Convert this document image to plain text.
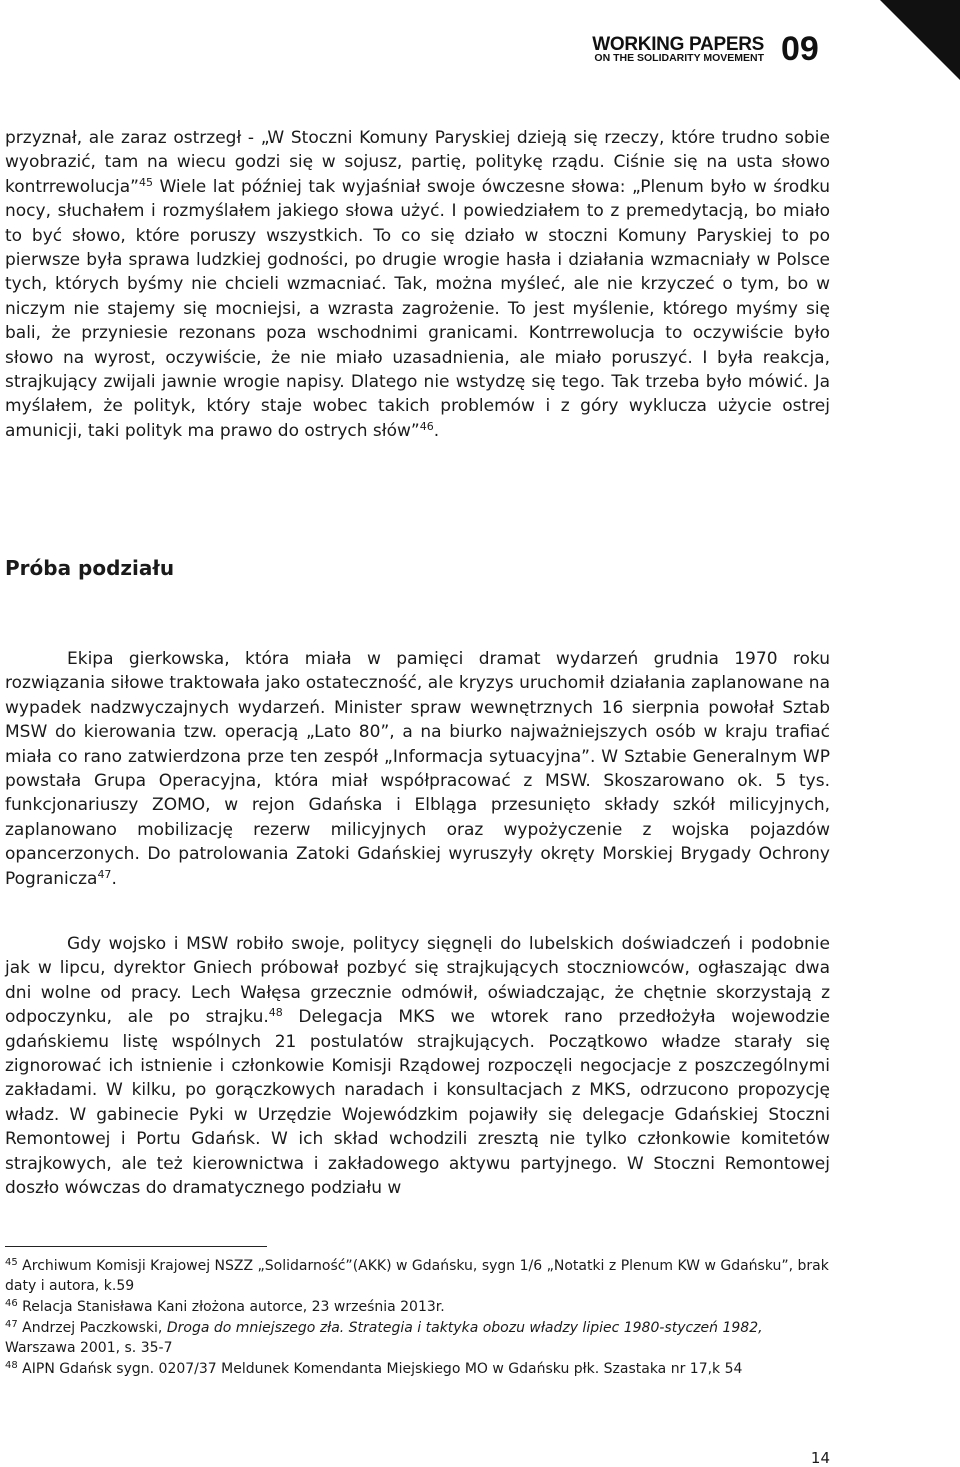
WORKING PAPERS
ON THE SOLIDARITY MOVEMENT 09

przyznał, ale zaraz ostrzegł - „W Stoczni Komuny Paryskiej dzieją się rzeczy, które trudno sobie wyobrazić, tam na wiecu godzi się w sojusz, partię, politykę rządu. Ciśnie się na usta słowo kontrrewolucja”$^{45}$ Wiele lat później tak wyjaśniał swoje ówczesne słowa: „Plenum było w środku nocy, słuchałem i rozmyślałem jakiego słowa użyć. I powiedziałem to z premedytacją, bo miało to być słowo, które poruszy wszystkich. To co się działo w stoczni Komuny Paryskiej to po pierwsze była sprawa ludzkiej godności, po drugie wrogie hasła i działania wzmacniały w Polsce tych, których byśmy nie chcieli wzmacniać. Tak, można myśleć, ale nie krzyczeć o tym, bo w niczym nie stajemy się mocniejsi, a wzrasta zagrożenie. To jest myślenie, którego myśmy się bali, że przyniesie rezonans poza wschodnimi granicami. Kontrrewolucja to oczywiście było słowo na wyrost, oczywiście, że nie miało uzasadnienia, ale miało poruszyć. I była reakcja, strajkujący zwijali jawnie wrogie napisy. Dlatego nie wstydzę się tego. Tak trzeba było mówić. Ja myślałem, że polityk, który staje wobec takich problemów i z góry wyklucza użycie ostrej amunicji, taki polityk ma prawo do ostrych słów”$^{46}$.

Próba podziału

Ekipa gierkowska, która miała w pamięci dramat wydarzeń grudnia 1970 roku rozwiązania siłowe traktowała jako ostateczność, ale kryzys uruchomił działania zaplanowane na wypadek nadzwyczajnych wydarzeń. Minister spraw wewnętrznych 16 sierpnia powołał Sztab MSW do kierowania tzw. operacją „Lato 80”, a na biurko najważniejszych osób w kraju trafiać miała co rano zatwierdzona prze ten zespół „Informacja sytuacyjna”. W Sztabie Generalnym WP powstała Grupa Operacyjna, która miał współpracować z MSW. Skoszarowano ok. 5 tys. funkcjonariuszy ZOMO, w rejon Gdańska i Elbląga przesunięto składy szkół milicyjnych, zaplanowano mobilizację rezerw milicyjnych oraz wypożyczenie z wojska pojazdów opancerzonych. Do patrolowania Zatoki Gdańskiej wyruszyły okręty Morskiej Brygady Ochrony Pogranicza$^{47}$.

Gdy wojsko i MSW robiło swoje, politycy sięgnęli do lubelskich doświadczeń i podobnie jak w lipcu, dyrektor Gniech próbował pozbyć się strajkujących stoczniowców, ogłaszając dwa dni wolne od pracy. Lech Wałęsa grzecznie odmówił, oświadczając, że chętnie skorzystają z odpoczynku, ale po strajku.$^{48}$ Delegacja MKS we wtorek rano przedłożyła wojewodzie gdańskiemu listę wspólnych 21 postulatów strajkujących. Początkowo władze starały się zignorować ich istnienie i członkowie Komisji Rządowej rozpoczęli negocjacje z poszczególnymi zakładami. W kilku, po gorączkowych naradach i konsultacjach z MKS, odrzucono propozycję władz. W gabinecie Pyki w Urzędzie Wojewódzkim pojawiły się delegacje Gdańskiej Stoczni Remontowej i Portu Gdańsk. W ich skład wchodzili zresztą nie tylko członkowie komitetów strajkowych, ale też kierownictwa i zakładowego aktywu partyjnego. W Stoczni Remontowej doszło wówczas do dramatycznego podziału w

$^{45}$ Archiwum Komisji Krajowej NSZZ „Solidarność”(AKK) w Gdańsku, sygn 1/6 „Notatki z Plenum KW w Gdańsku”, brak daty i autora, k.59
$^{46}$ Relacja Stanisława Kani złożona autorce, 23 września 2013r.
$^{47}$ Andrzej Paczkowski, Droga do mniejszego zła. Strategia i taktyka obozu władzy lipiec 1980-styczeń 1982, Warszawa 2001, s. 35-7
$^{48}$ AIPN Gdańsk sygn. 0207/37 Meldunek Komendanta Miejskiego MO w Gdańsku płk. Szastaka nr 17,k 54
14
